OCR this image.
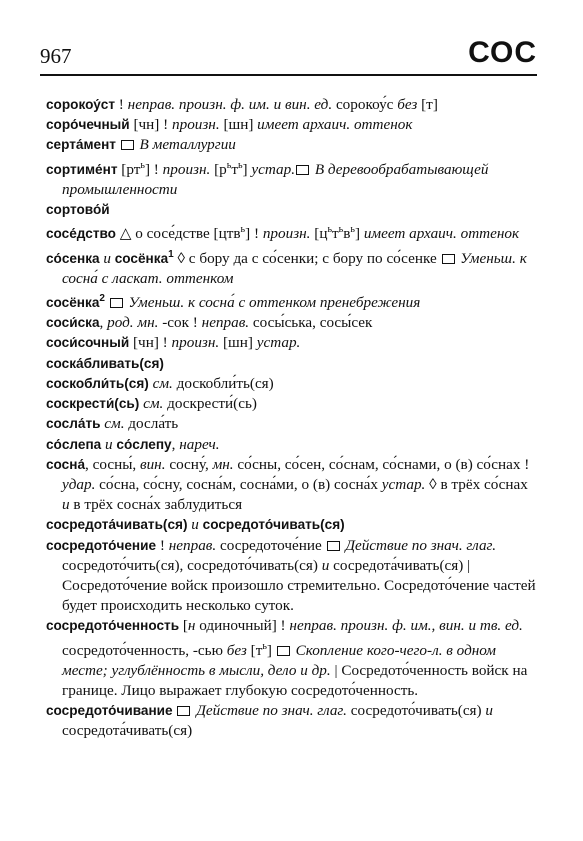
967	СОС

сорокоу́ст ! неправ. произн. ф. им. и вин. ед. сорокоу́с без [т]

соро́чечный [чн] ! произн. [шн] имеет архаич. оттенок

серта́мент В металлургии

сортиме́нт $[рт^ь]$ ! произн. $[р^ьт^ь]$ устар. В деревообрабатывающей промышленности

сортово́й

сосе́дство △ о сосе́дстве [цтв$^ь$] ! произн. $[ц^ьт^ьв^ь]$ имеет архаич. оттенок

со́сенка и сосёнка$^1$ ◊ с бору да с со́сенки; с бору по со́сенке  Уменьш. к сосна́ с ласкат. оттенком

сосёнка$^2$ Уменьш. к сосна́ с оттенком пренебрежения

соси́ска, род. мн. -сок ! неправ. сосы́ська, сосы́сек

соси́сочный [чн] ! произн. [шн] устар.

соска́бливать(ся)

соскобли́ть(ся) см. доскобли́ть(ся)

соскрести́(сь) см. доскрести́(сь)

сосла́ть см. досла́ть

со́слепа и со́слепу, нареч.

сосна́, сосны́, вин. сосну́, мн. со́сны, со́сен, со́снам, со́снами, о (в) со́снах ! удар. со́сна, со́сну, сосна́м, сосна́ми, о (в) сосна́х устар. ◊ в трёх со́снах и в трёх сосна́х заблудиться

сосредота́чивать(ся) и сосредото́чивать(ся)

сосредото́чение ! неправ. сосредоточе́ние  Действие по знач. глаг. сосредото́чить(ся), сосредото́чивать(ся) и сосредота́чивать(ся) | Сосредото́чение войск произошло стремительно. Сосредото́чение частей будет происходить несколько суток.

сосредото́ченность [н одиночный] ! неправ. произн. ф. им., вин. и тв. ед. сосредото́ченность, -сью без $[т^ь]$  Скопление кого-чего-л. в одном месте; углублённость в мысли, дело и др. | Сосредото́ченность войск на границе. Лицо выражает глубокую сосредото́ченность.

сосредото́чивание Действие по знач. глаг. сосредото́чивать(ся) и сосредота́чивать(ся)
